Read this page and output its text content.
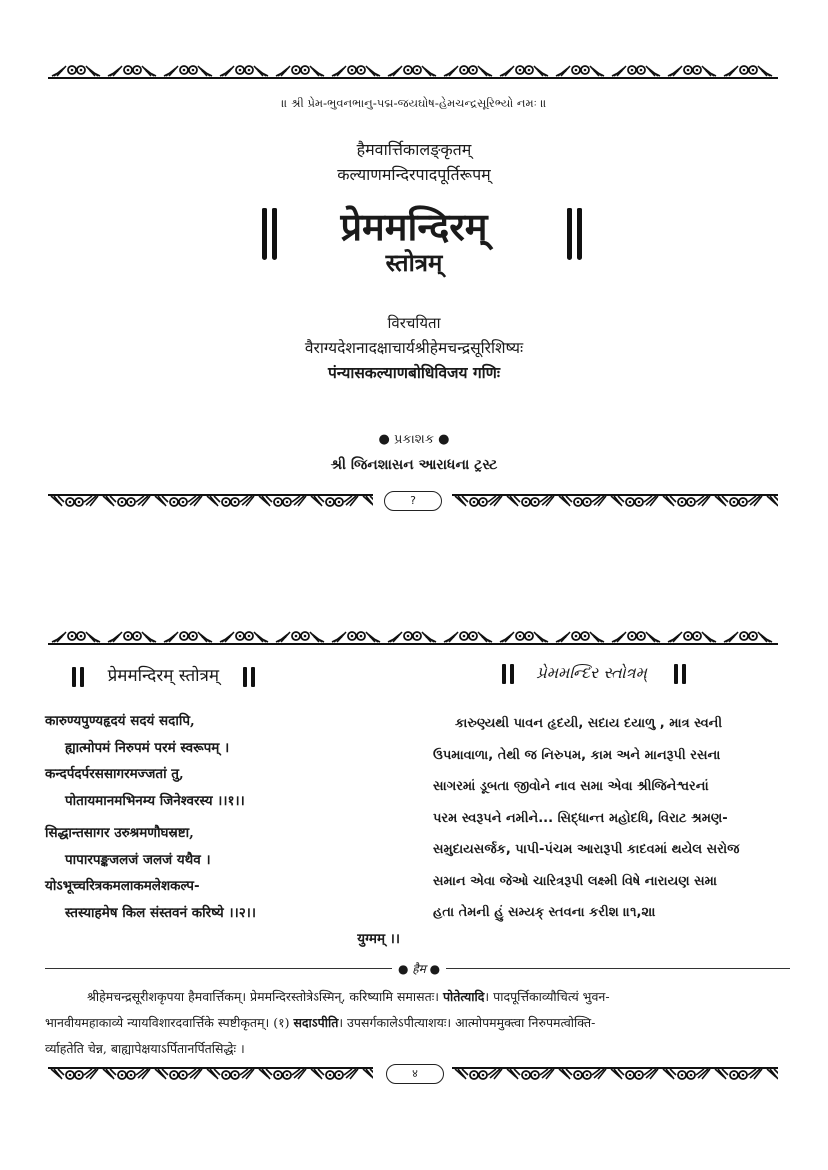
॥ શ્રી પ્રેમ-ભુવનભાનુ-પદ્મ-જયઘોષ-હેમચન્દ્રસૂરિભ્યો નમઃ ॥
हैमवार्त्तिकालङ्कृतम्
कल्याणमन्दिरपादपूर्तिरूपम्
प्रेममन्दिरम्
स्तोत्रम्
विरचयिता
वैराग्यदेशनादक्षाचार्यश्रीहेमचन्द्रसूरिशिष्यः
पंन्यासकल्याणबोधिविजय गणिः
● પ્રકાશક ●
શ્રી જિનશાસન આરાધના ટ્રસ્ટ
?
प्रेममन्दिरम् स्तोत्रम्	પ્રેમમન્દિર સ્તોત્રમ્
कारुण्यपुण्यहृदयं सदयं सदापि,
ह्यात्मोपमं निरुपमं परमं स्वरूपम् ।
कन्दर्पदर्परससागरमज्जतां तु,
पोतायमानमभिनम्य जिनेश्वरस्य ।।१।।
सिद्धान्तसागर उरुश्रमणौघस्रष्टा,
पापारपङ्कजलजं जलजं यथैव ।
योऽभूच्चरित्रकमलाकमलेशकल्प-
स्तस्याहमेष किल संस्तवनं करिष्ये ।।२।।
युग्मम् ।।

કારુણ્યથી પાવન હૃદયી, સદાય દયાળુ , માત્ર સ્વની

ઉપમાવાળા, તેથી જ નિરુપમ, કામ અને માનરૂપી રસના

સાગરમાં ડૂબતા જીવોને નાવ સમા એવા શ્રીજિનેશ્વરનાં

પરમ સ્વરૂપને નમીને... સિદ્ધાન્ત મહોદધિ, વિરાટ શ્રમણ-

સમુદાયસર્જક, પાપી-પંચમ આરારૂપી કાદવમાં થયેલ સરોજ

સમાન એવા જેઓ ચારિત્રરૂપી લક્ષ્મી વિષે નારાયણ સમા

હતા તેમની હું સમ્યક્ સ્તવના કરીશ ॥૧,૨॥

● हैम ●
श्रीहेमचन्द्रसूरीशकृपया हैमवार्त्तिकम्। प्रेममन्दिरस्तोत्रेऽस्मिन्, करिष्यामि समासतः। पोतेत्यादि। पादपूर्त्तिकाव्यौचित्यं भुवन-
भानवीयमहाकाव्ये न्यायविशारदवार्त्तिके स्पष्टीकृतम्। (१) सदाऽपीति। उपसर्गकालेऽपीत्याशयः। आत्मोपममुक्त्वा निरुपमत्वोक्ति-
र्व्याहतेति चेन्न, बाह्यापेक्षयाऽर्पितानर्पितसिद्धेः ।
४
